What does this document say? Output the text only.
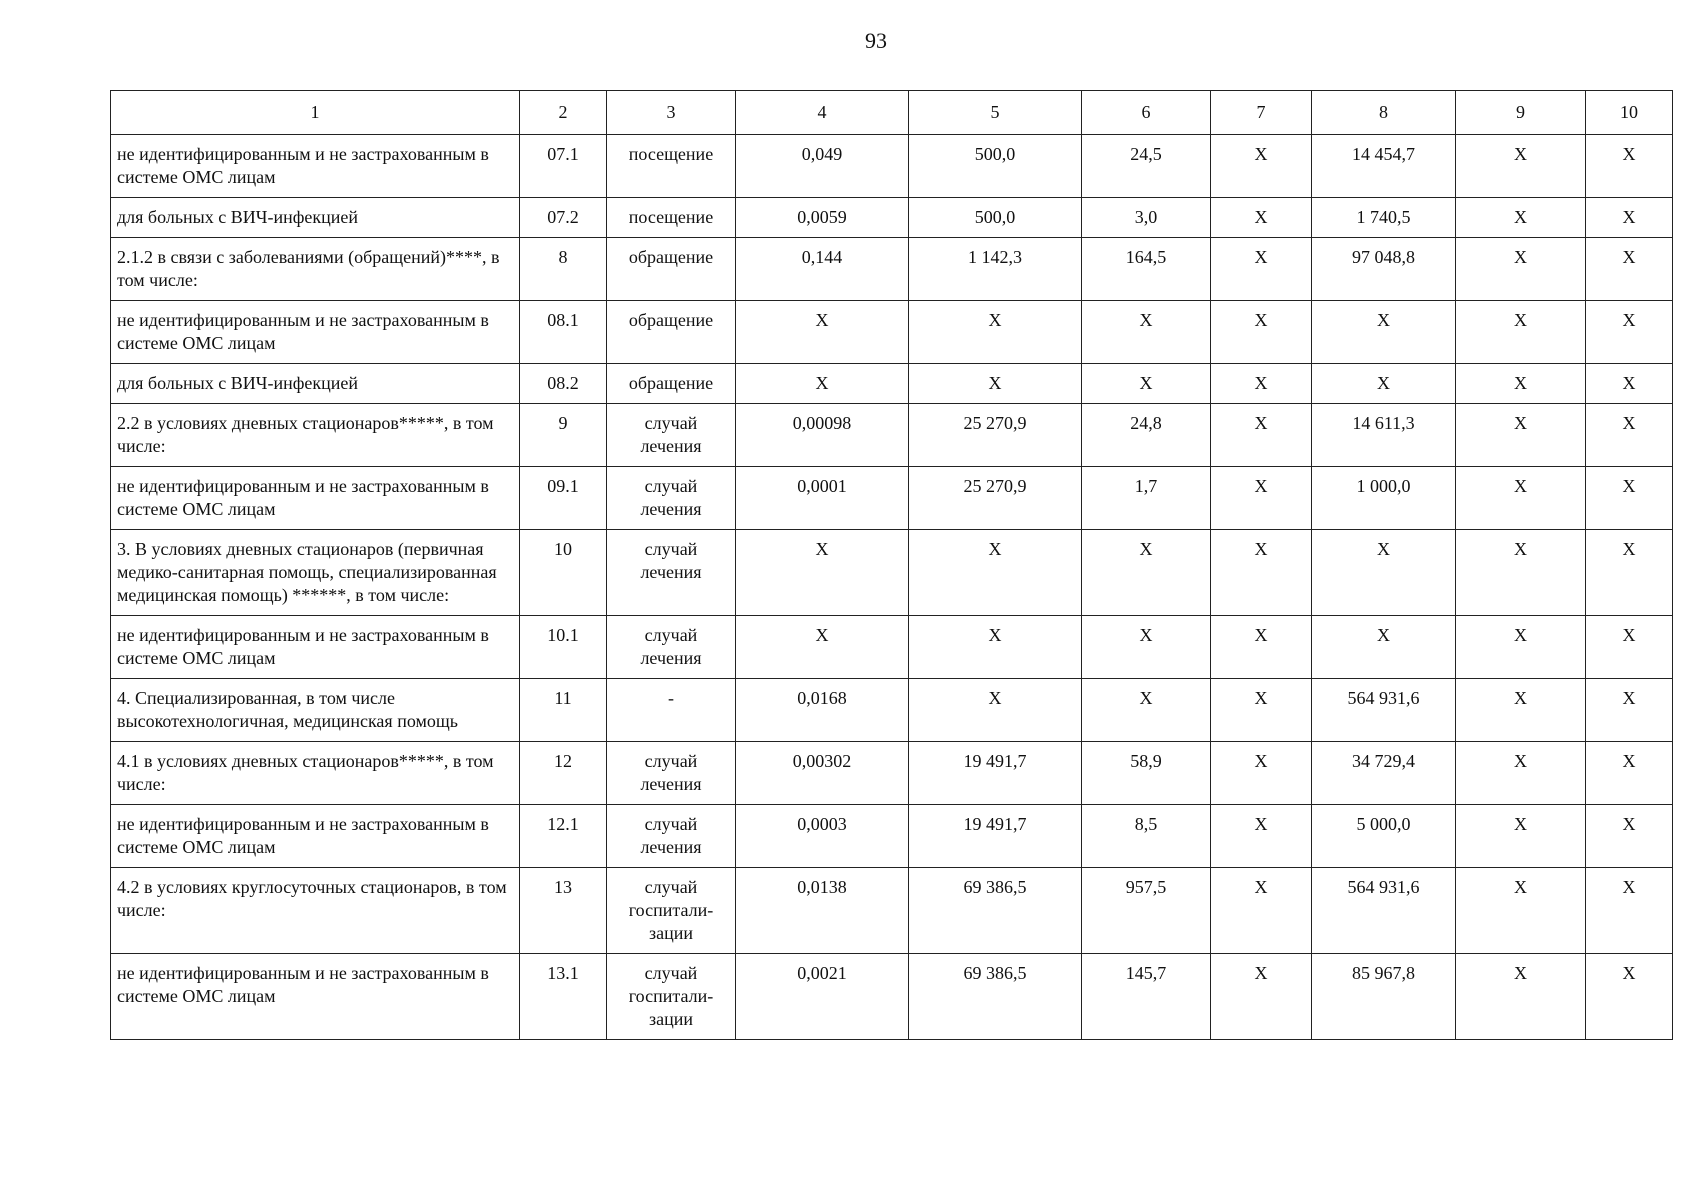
93
1	2	3	4	5	6	7	8	9	10
не идентифицированным и не застрахованным в системе ОМС лицам	07.1	посещение	0,049	500,0	24,5	Х	14 454,7	Х	Х
для больных с ВИЧ-инфекцией	07.2	посещение	0,0059	500,0	3,0	Х	1 740,5	Х	Х
2.1.2 в связи с заболеваниями (обращений)****, в том числе:	8	обращение	0,144	1 142,3	164,5	Х	97 048,8	Х	Х
не идентифицированным и не застрахованным в системе ОМС лицам	08.1	обращение	Х	Х	Х	Х	Х	Х	Х
для больных с ВИЧ-инфекцией	08.2	обращение	Х	Х	Х	Х	Х	Х	Х
2.2 в условиях дневных стационаров*****, в том числе:	9	случай лечения	0,00098	25 270,9	24,8	Х	14 611,3	Х	Х
не идентифицированным и не застрахованным в системе ОМС лицам	09.1	случай лечения	0,0001	25 270,9	1,7	Х	1 000,0	Х	Х
3. В условиях дневных стационаров (первичная медико-санитарная помощь, специализированная медицинская помощь) ******, в том числе:	10	случай лечения	Х	Х	Х	Х	Х	Х	Х
не идентифицированным и не застрахованным в системе ОМС лицам	10.1	случай лечения	Х	Х	Х	Х	Х	Х	Х
4. Специализированная, в том числе высокотехнологичная, медицинская помощь	11	-	0,0168	Х	Х	Х	564 931,6	Х	Х
4.1 в условиях дневных стационаров*****, в том числе:	12	случай лечения	0,00302	19 491,7	58,9	Х	34 729,4	Х	Х
не идентифицированным и не застрахованным в системе ОМС лицам	12.1	случай лечения	0,0003	19 491,7	8,5	Х	5 000,0	Х	Х
4.2 в условиях круглосуточных стационаров, в том числе:	13	случай госпитали-зации	0,0138	69 386,5	957,5	Х	564 931,6	Х	Х
не идентифицированным и не застрахованным в системе ОМС лицам	13.1	случай госпитали-зации	0,0021	69 386,5	145,7	Х	85 967,8	Х	Х
